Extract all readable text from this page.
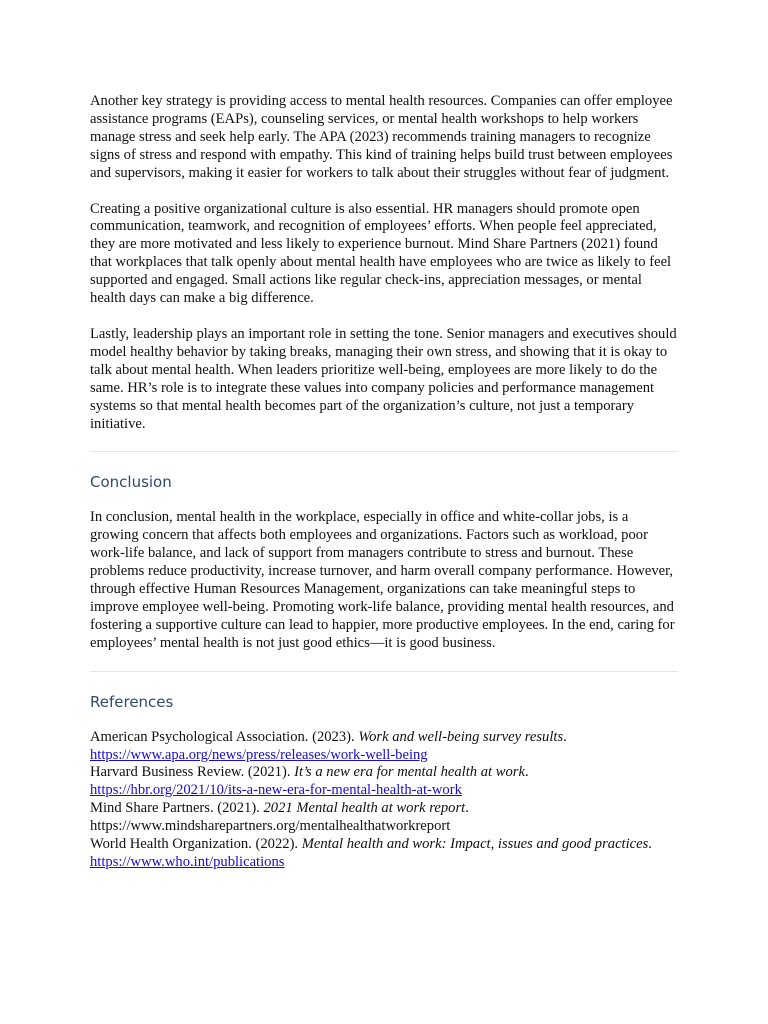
Another key strategy is providing access to mental health resources. Companies can offer employee assistance programs (EAPs), counseling services, or mental health workshops to help workers manage stress and seek help early. The APA (2023) recommends training managers to recognize signs of stress and respond with empathy. This kind of training helps build trust between employees and supervisors, making it easier for workers to talk about their struggles without fear of judgment.

Creating a positive organizational culture is also essential. HR managers should promote open communication, teamwork, and recognition of employees’ efforts. When people feel appreciated, they are more motivated and less likely to experience burnout. Mind Share Partners (2021) found that workplaces that talk openly about mental health have employees who are twice as likely to feel supported and engaged. Small actions like regular check-ins, appreciation messages, or mental health days can make a big difference.

Lastly, leadership plays an important role in setting the tone. Senior managers and executives should model healthy behavior by taking breaks, managing their own stress, and showing that it is okay to talk about mental health. When leaders prioritize well-being, employees are more likely to do the same. HR’s role is to integrate these values into company policies and performance management systems so that mental health becomes part of the organization’s culture, not just a temporary initiative.

Conclusion

In conclusion, mental health in the workplace, especially in office and white-collar jobs, is a growing concern that affects both employees and organizations. Factors such as workload, poor work-life balance, and lack of support from managers contribute to stress and burnout. These problems reduce productivity, increase turnover, and harm overall company performance. However, through effective Human Resources Management, organizations can take meaningful steps to improve employee well-being. Promoting work-life balance, providing mental health resources, and fostering a supportive culture can lead to happier, more productive employees. In the end, caring for employees’ mental health is not just good ethics—it is good business.

References
American Psychological Association. (2023). Work and well-being survey results.
https://www.apa.org/news/press/releases/work-well-being
Harvard Business Review. (2021). It’s a new era for mental health at work.
https://hbr.org/2021/10/its-a-new-era-for-mental-health-at-work
Mind Share Partners. (2021). 2021 Mental health at work report.
https://www.mindsharepartners.org/mentalhealthatworkreport
World Health Organization. (2022). Mental health and work: Impact, issues and good practices.
https://www.who.int/publications
